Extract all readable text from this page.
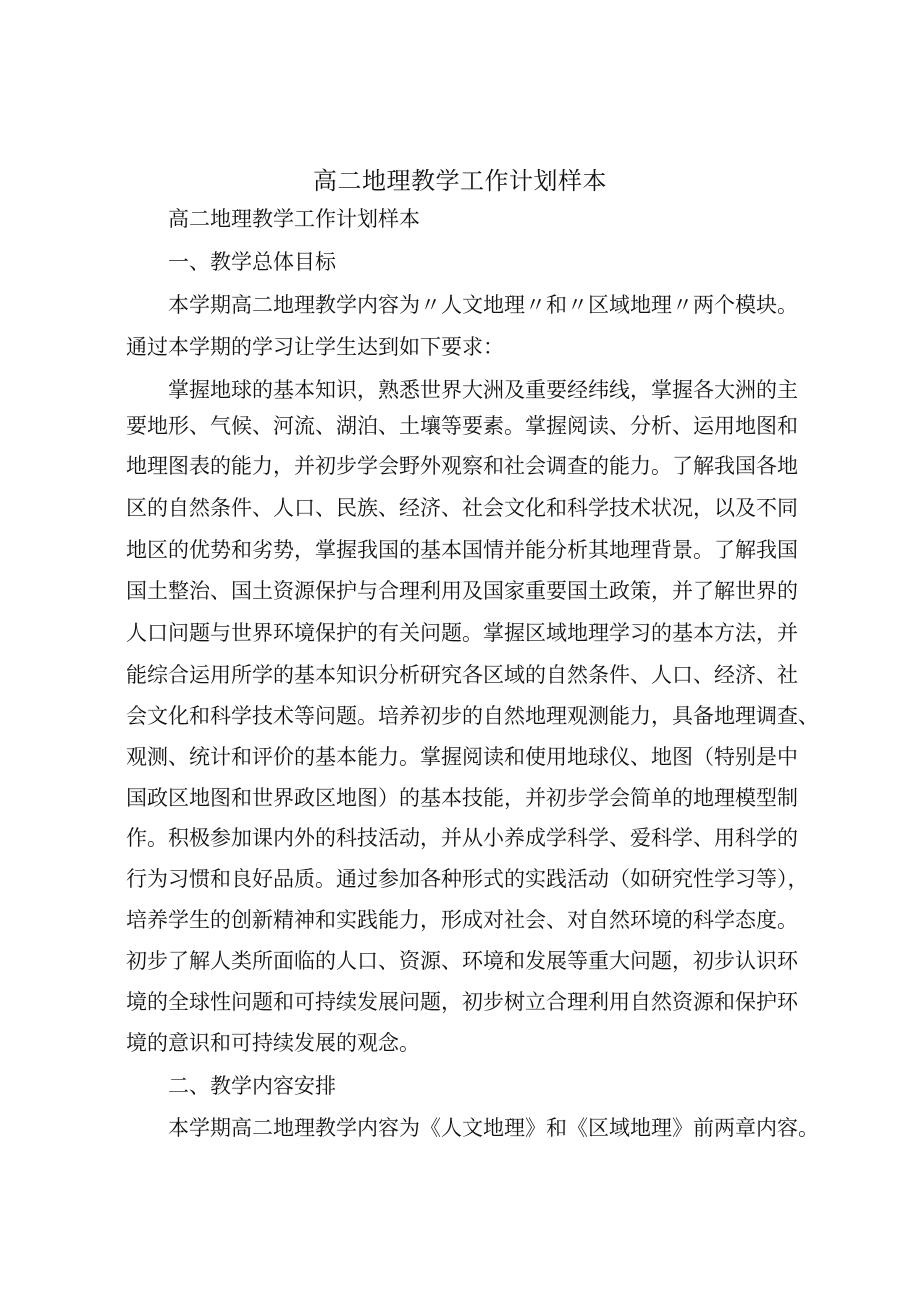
高二地理教学工作计划样本
高二地理教学工作计划样本
一、教学总体目标
本学期高二地理教学内容为〃人文地理〃和〃区域地理〃两个模块。
通过本学期的学习让学生达到如下要求：
掌握地球的基本知识，熟悉世界大洲及重要经纬线，掌握各大洲的主
要地形、气候、河流、湖泊、土壤等要素。掌握阅读、分析、运用地图和
地理图表的能力，并初步学会野外观察和社会调查的能力。了解我国各地
区的自然条件、人口、民族、经济、社会文化和科学技术状况，以及不同
地区的优势和劣势，掌握我国的基本国情并能分析其地理背景。了解我国
国土整治、国土资源保护与合理利用及国家重要国土政策，并了解世界的
人口问题与世界环境保护的有关问题。掌握区域地理学习的基本方法，并
能综合运用所学的基本知识分析研究各区域的自然条件、人口、经济、社
会文化和科学技术等问题。培养初步的自然地理观测能力，具备地理调查、
观测、统计和评价的基本能力。掌握阅读和使用地球仪、地图（特别是中
国政区地图和世界政区地图）的基本技能，并初步学会简单的地理模型制
作。积极参加课内外的科技活动，并从小养成学科学、爱科学、用科学的
行为习惯和良好品质。通过参加各种形式的实践活动（如研究性学习等），
培养学生的创新精神和实践能力，形成对社会、对自然环境的科学态度。
初步了解人类所面临的人口、资源、环境和发展等重大问题，初步认识环
境的全球性问题和可持续发展问题，初步树立合理利用自然资源和保护环
境的意识和可持续发展的观念。
二、教学内容安排
本学期高二地理教学内容为《人文地理》和《区域地理》前两章内容。
